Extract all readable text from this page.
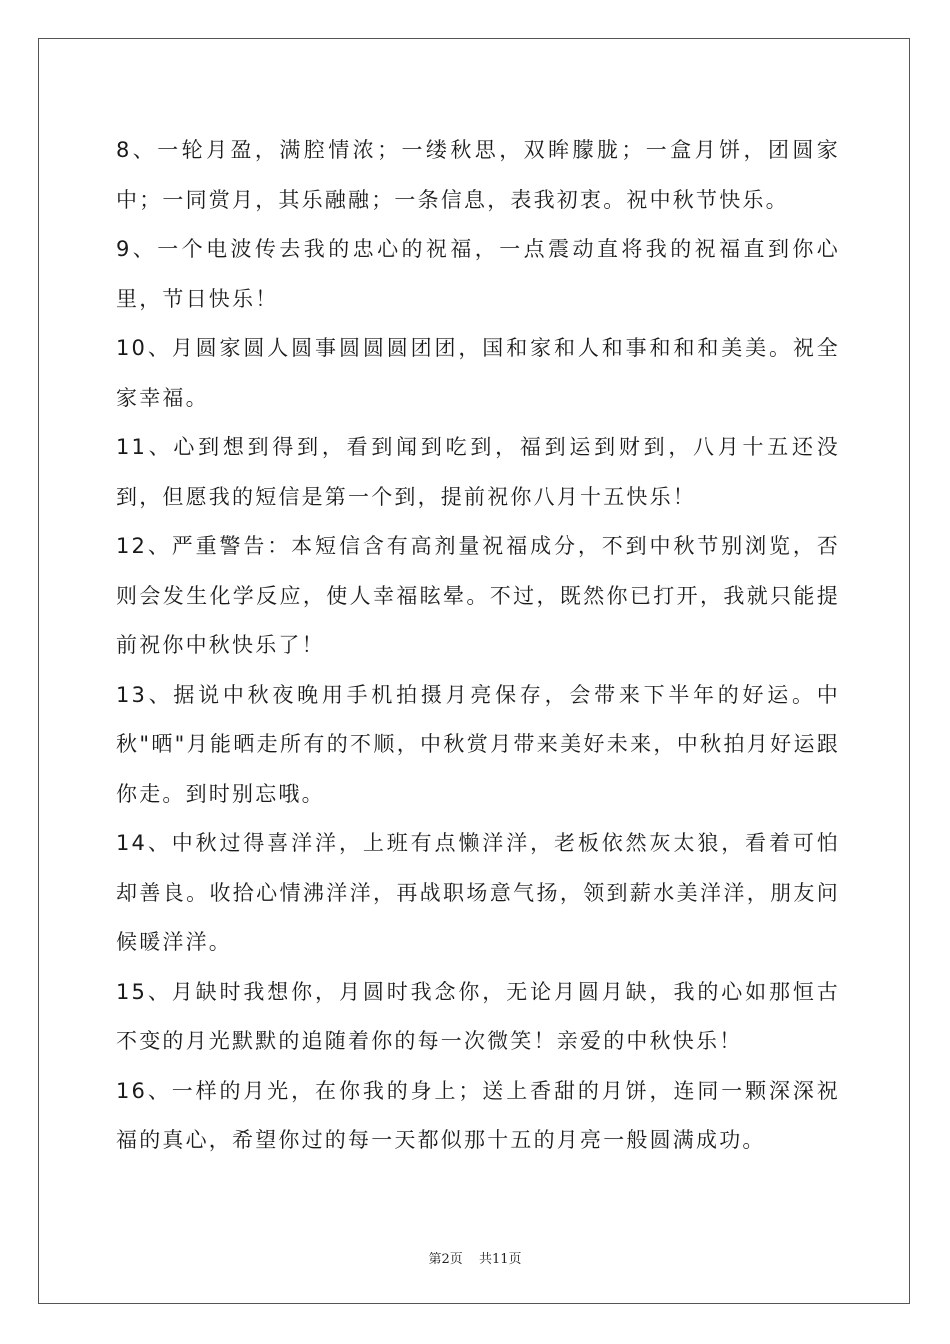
8、一轮月盈，满腔情浓；一缕秋思，双眸朦胧；一盒月饼，团圆家中；一同赏月，其乐融融；一条信息，表我初衷。祝中秋节快乐。

9、一个电波传去我的忠心的祝福，一点震动直将我的祝福直到你心里，节日快乐！

10、月圆家圆人圆事圆圆圆团团，国和家和人和事和和和美美。祝全家幸福。

11、心到想到得到，看到闻到吃到，福到运到财到，八月十五还没到，但愿我的短信是第一个到，提前祝你八月十五快乐！

12、严重警告：本短信含有高剂量祝福成分，不到中秋节别浏览，否则会发生化学反应，使人幸福眩晕。不过，既然你已打开，我就只能提前祝你中秋快乐了！

13、据说中秋夜晚用手机拍摄月亮保存，会带来下半年的好运。中秋"晒"月能晒走所有的不顺，中秋赏月带来美好未来，中秋拍月好运跟你走。到时别忘哦。

14、中秋过得喜洋洋，上班有点懒洋洋，老板依然灰太狼，看着可怕却善良。收拾心情沸洋洋，再战职场意气扬，领到薪水美洋洋，朋友问候暖洋洋。

15、月缺时我想你，月圆时我念你，无论月圆月缺，我的心如那恒古不变的月光默默的追随着你的每一次微笑！亲爱的中秋快乐！

16、一样的月光，在你我的身上；送上香甜的月饼，连同一颗深深祝福的真心，希望你过的每一天都似那十五的月亮一般圆满成功。

第2页 共11页
